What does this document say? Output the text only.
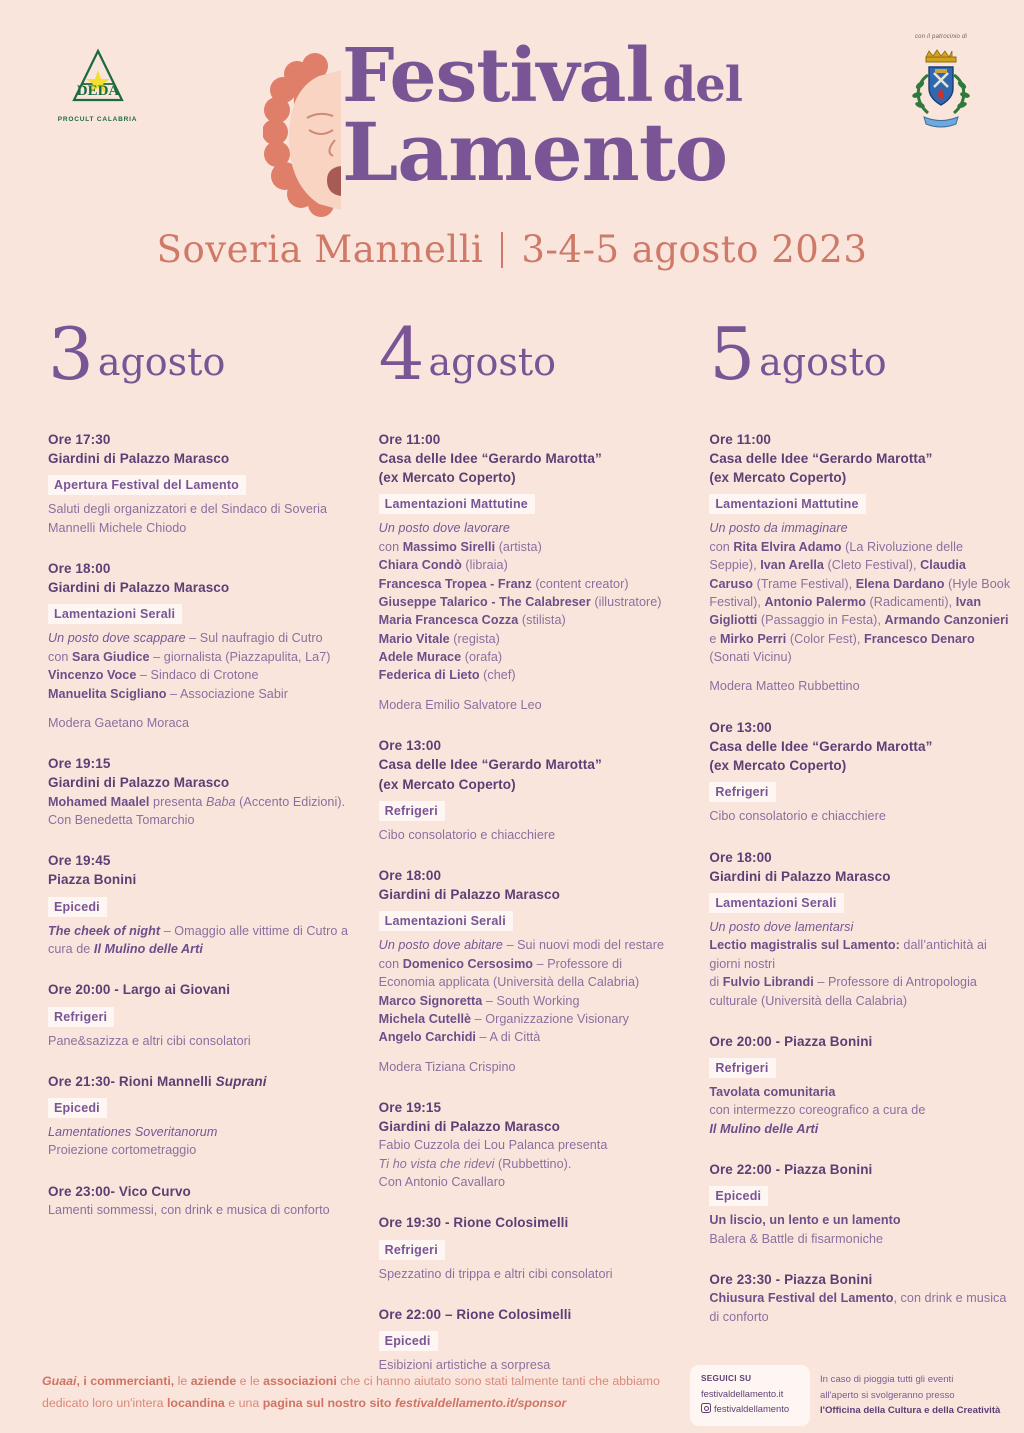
DEDA
PROCULT CALABRIA
con il patrocinio di
Festival del
Lamento
Soveria Mannelli 3-4-5 agosto 2023
3 agosto
Ore 17:30
Giardini di Palazzo Marasco
Apertura Festival del Lamento

Saluti degli organizzatori e del Sindaco di Soveria Mannelli Michele Chiodo

Ore 18:00
Giardini di Palazzo Marasco
Lamentazioni Serali

Un posto dove scappare – Sul naufragio di Cutro

con Sara Giudice – giornalista (Piazzapulita, La7)

Vincenzo Voce – Sindaco di Crotone

Manuelita Scigliano – Associazione Sabir

Modera Gaetano Moraca

Ore 19:15
Giardini di Palazzo Marasco

Mohamed Maalel presenta Baba (Accento Edizioni).

Con Benedetta Tomarchio

Ore 19:45
Piazza Bonini
Epicedi

The cheek of night – Omaggio alle vittime di Cutro a cura de Il Mulino delle Arti

Ore 20:00 - Largo ai Giovani
Refrigeri

Pane&sazizza e altri cibi consolatori

Ore 21:30- Rioni Mannelli Suprani
Epicedi

Lamentationes Soveritanorum

Proiezione cortometraggio

Ore 23:00- Vico Curvo

Lamenti sommessi, con drink e musica di conforto

4 agosto
Ore 11:00
Casa delle Idee “Gerardo Marotta”
(ex Mercato Coperto)
Lamentazioni Mattutine

Un posto dove lavorare

con Massimo Sirelli (artista)

Chiara Condò (libraia)

Francesca Tropea - Franz (content creator)

Giuseppe Talarico - The Calabreser (illustratore)

Maria Francesca Cozza (stilista)

Mario Vitale (regista)

Adele Murace (orafa)

Federica di Lieto (chef)

Modera Emilio Salvatore Leo

Ore 13:00
Casa delle Idee “Gerardo Marotta”
(ex Mercato Coperto)
Refrigeri

Cibo consolatorio e chiacchiere

Ore 18:00
Giardini di Palazzo Marasco
Lamentazioni Serali

Un posto dove abitare – Sui nuovi modi del restare

con Domenico Cersosimo – Professore di Economia applicata (Università della Calabria)

Marco Signoretta – South Working

Michela Cutellè – Organizzazione Visionary

Angelo Carchidi – A di Città

Modera Tiziana Crispino

Ore 19:15
Giardini di Palazzo Marasco

Fabio Cuzzola dei Lou Palanca presenta

Ti ho vista che ridevi (Rubbettino).

Con Antonio Cavallaro

Ore 19:30 - Rione Colosimelli
Refrigeri

Spezzatino di trippa e altri cibi consolatori

Ore 22:00 – Rione Colosimelli
Epicedi

Esibizioni artistiche a sorpresa

5 agosto
Ore 11:00
Casa delle Idee “Gerardo Marotta”
(ex Mercato Coperto)
Lamentazioni Mattutine

Un posto da immaginare

con Rita Elvira Adamo (La Rivoluzione delle Seppie), Ivan Arella (Cleto Festival), Claudia Caruso (Trame Festival), Elena Dardano (Hyle Book Festival), Antonio Palermo (Radicamenti), Ivan Gigliotti (Passaggio in Festa), Armando Canzonieri e Mirko Perri (Color Fest), Francesco Denaro (Sonati Vicinu)

Modera Matteo Rubbettino

Ore 13:00
Casa delle Idee “Gerardo Marotta”
(ex Mercato Coperto)
Refrigeri

Cibo consolatorio e chiacchiere

Ore 18:00
Giardini di Palazzo Marasco
Lamentazioni Serali

Un posto dove lamentarsi

Lectio magistralis sul Lamento: dall’antichità ai giorni nostri
di Fulvio Librandi – Professore di Antropologia culturale (Università della Calabria)

Ore 20:00 - Piazza Bonini
Refrigeri

Tavolata comunitaria
con intermezzo coreografico a cura de
Il Mulino delle Arti

Ore 22:00 - Piazza Bonini
Epicedi

Un liscio, un lento e un lamento
Balera & Battle di fisarmoniche

Ore 23:30 - Piazza Bonini

Chiusura Festival del Lamento, con drink e musica di conforto

Guaai, i commercianti, le aziende e le associazioni che ci hanno aiutato sono stati talmente tanti che abbiamo dedicato loro un'intera locandina e una pagina sul nostro sito festivaldellamento.it/sponsor
SEGUICI SU
festivaldellamento.it
festivaldellamento
In caso di pioggia tutti gli eventi
all'aperto si svolgeranno presso
l'Officina della Cultura e della Creatività
